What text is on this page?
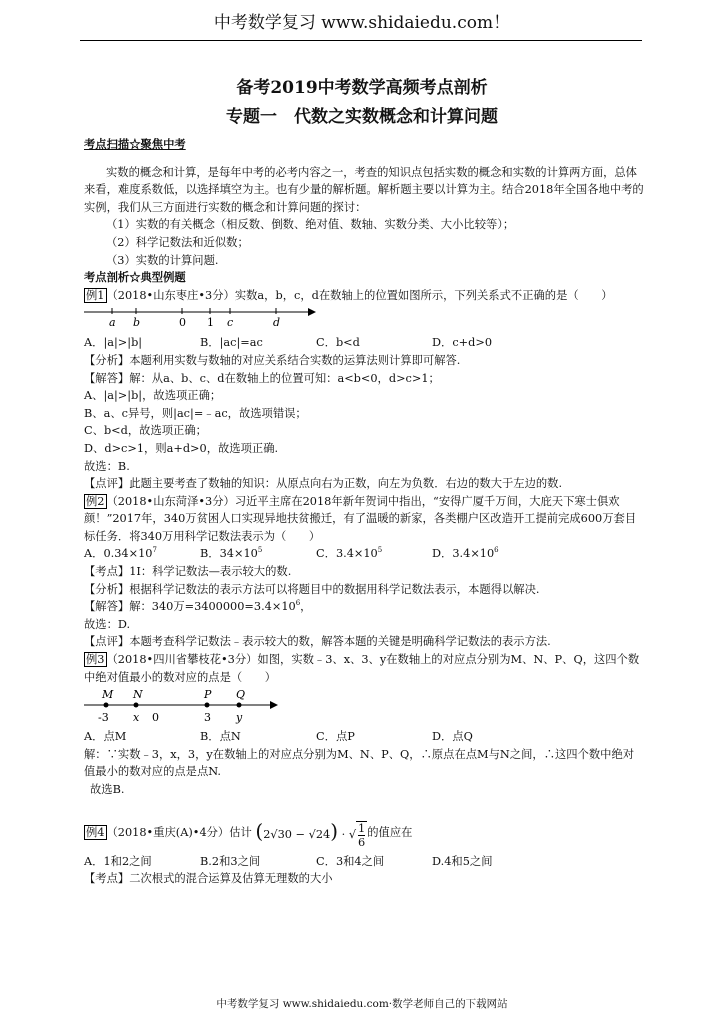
中考数学复习 www.shidaiedu.com！
备考2019中考数学高频考点剖析
专题一　代数之实数概念和计算问题

考点扫描☆聚焦中考

实数的概念和计算，是每年中考的必考内容之一，考查的知识点包括实数的概念和实数的计算两方面，总体来看，难度系数低，以选择填空为主。也有少量的解析题。解析题主要以计算为主。结合2018年全国各地中考的实例，我们从三方面进行实数的概念和计算问题的探讨：

（1）实数的有关概念（相反数、倒数、绝对值、数轴、实数分类、大小比较等）；

（2）科学记数法和近似数；

（3）实数的计算问题.

考点剖析☆典型例题

例1 （2018•山东枣庄•3分）实数a，b，c，d在数轴上的位置如图所示，下列关系式不正确的是（　　）

a b	0 1 c	d
A．|a|>|b|	B．|ac|=ac	C．b<d	D．c+d>0

【分析】本题利用实数与数轴的对应关系结合实数的运算法则计算即可解答.

【解答】解：从a、b、c、d在数轴上的位置可知：a<b<0，d>c>1；

A、|a|>|b|，故选项正确；

B、a、c异号，则|ac|=﹣ac，故选项错误；

C、b<d，故选项正确；

D、d>c>1，则a+d>0，故选项正确.

故选：B.

【点评】此题主要考查了数轴的知识：从原点向右为正数，向左为负数．右边的数大于左边的数.

例2 （2018•山东菏泽•3分）习近平主席在2018年新年贺词中指出，“安得广厦千万间，大庇天下寒士俱欢颜！”2017年，340万贫困人口实现异地扶贫搬迁，有了温暖的新家，各类棚户区改造开工提前完成600万套目标任务．将340万用科学记数法表示为（　　）

A．$0.34\times 10^7$	B．$34\times 10^5$	C．$3.4\times 10^5$	D．$3.4\times 10^6$

【考点】1I：科学记数法—表示较大的数.

【分析】根据科学记数法的表示方法可以将题目中的数据用科学记数法表示，本题得以解决.

【解答】解：340万$=3400000=3.4\times 10^6$，

故选：D.

【点评】本题考查科学记数法﹣表示较大的数，解答本题的关键是明确科学记数法的表示方法.

例3 （2018•四川省攀枝花•3分）如图，实数﹣3、x、3、y在数轴上的对应点分别为M、N、P、Q，这四个数中绝对值最小的数对应的点是（　　）

M N	P Q
-3 x 0	3 y
A．点M	B．点N	C．点P	D．点Q

解：∵实数﹣3，x，3，y在数轴上的对应点分别为M、N、P、Q，∴原点在点M与N之间，∴这四个数中绝对值最小的数对应的点是点N.

故选B.

例4 （2018•重庆(A)•4分）估计 (2√30 − √24) · √ $\frac{1}{6}$ 的值应在

A．1和2之间	B.2和3之间	C．3和4之间	D.4和5之间

【考点】二次根式的混合运算及估算无理数的大小

中考数学复习 www.shidaiedu.com·数学老师自己的下载网站
